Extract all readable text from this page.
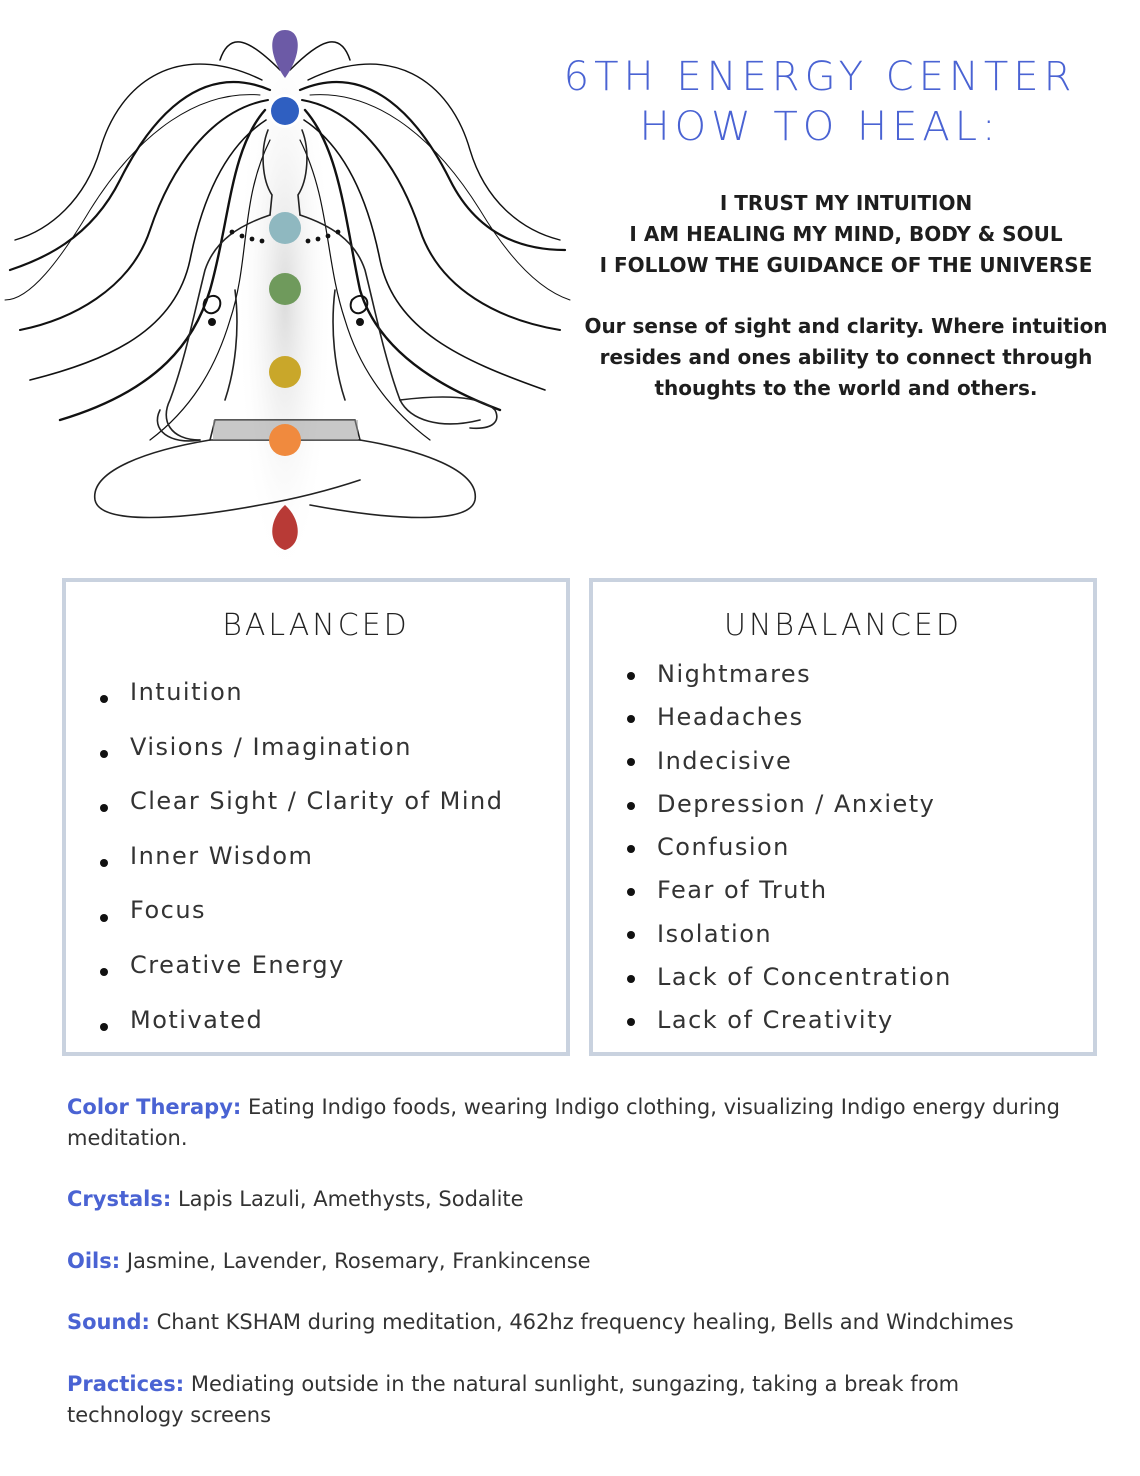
6TH ENERGY CENTER
HOW TO HEAL:
I TRUST MY INTUITION
I AM HEALING MY MIND, BODY & SOUL
I FOLLOW THE GUIDANCE OF THE UNIVERSE
Our sense of sight and clarity. Where intuition resides and ones ability to connect through thoughts to the world and others.
BALANCED
Intuition
Visions / Imagination
Clear Sight / Clarity of Mind
Inner Wisdom
Focus
Creative Energy
Motivated
UNBALANCED
Nightmares
Headaches
Indecisive
Depression / Anxiety
Confusion
Fear of Truth
Isolation
Lack of Concentration
Lack of Creativity
Color Therapy: Eating Indigo foods, wearing Indigo clothing, visualizing Indigo energy during meditation.
Crystals: Lapis Lazuli, Amethysts, Sodalite
Oils: Jasmine, Lavender, Rosemary, Frankincense
Sound: Chant KSHAM during meditation, 462hz frequency healing, Bells and Windchimes
Practices: Mediating outside in the natural sunlight, sungazing, taking a break from technology screens
